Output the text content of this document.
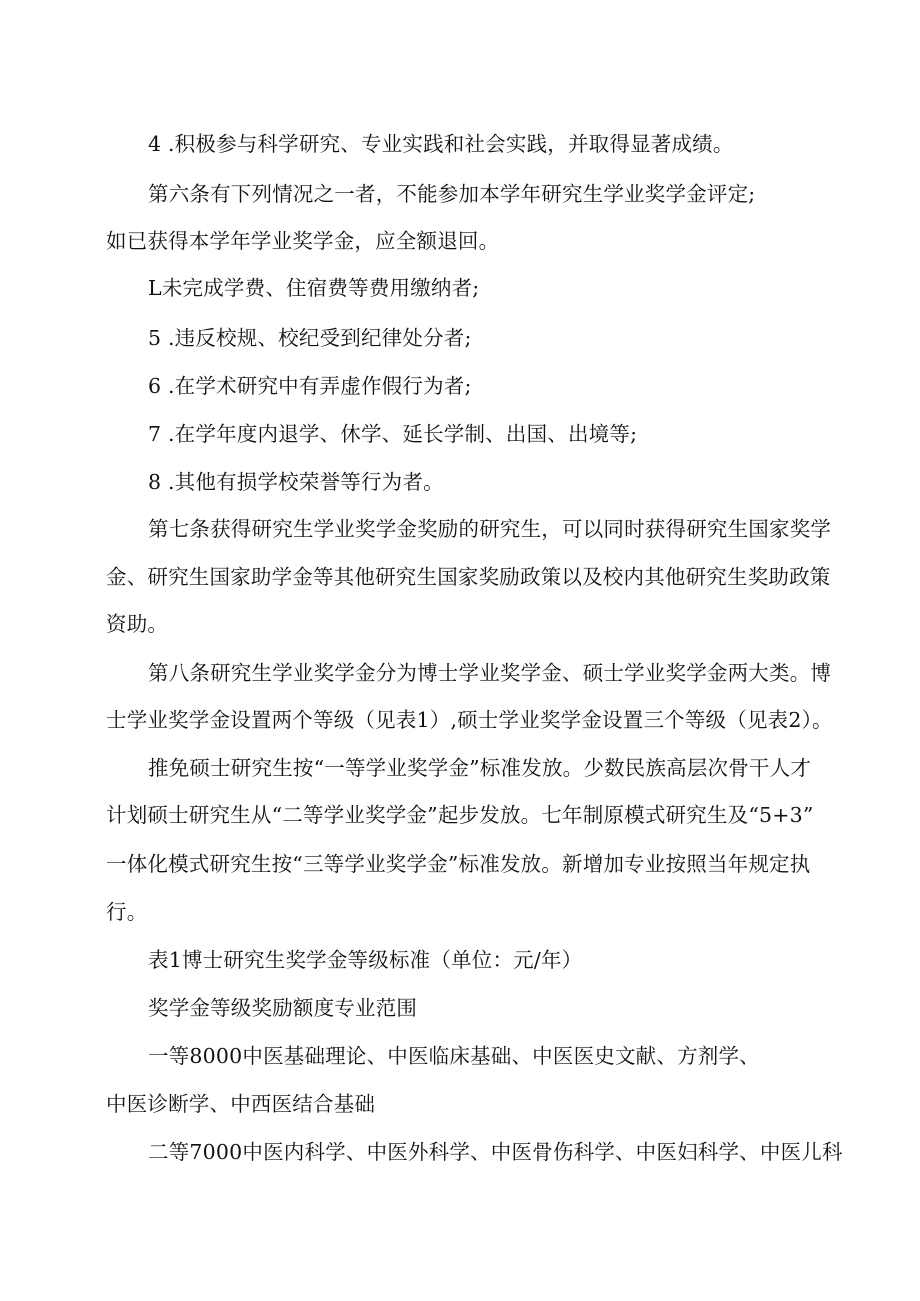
4 .积极参与科学研究、专业实践和社会实践，并取得显著成绩。
第六条有下列情况之一者，不能参加本学年研究生学业奖学金评定;
如已获得本学年学业奖学金，应全额退回。
L未完成学费、住宿费等费用缴纳者;
5 .违反校规、校纪受到纪律处分者;
6 .在学术研究中有弄虚作假行为者;
7 .在学年度内退学、休学、延长学制、出国、出境等;
8 .其他有损学校荣誉等行为者。
第七条获得研究生学业奖学金奖励的研究生，可以同时获得研究生国家奖学
金、研究生国家助学金等其他研究生国家奖励政策以及校内其他研究生奖助政策
资助。
第八条研究生学业奖学金分为博士学业奖学金、硕士学业奖学金两大类。博
士学业奖学金设置两个等级（见表1）,硕士学业奖学金设置三个等级（见表2）。
推免硕士研究生按“一等学业奖学金”标准发放。少数民族高层次骨干人才
计划硕士研究生从“二等学业奖学金”起步发放。七年制原模式研究生及“5+3”
一体化模式研究生按“三等学业奖学金”标准发放。新增加专业按照当年规定执
行。
表1博士研究生奖学金等级标准（单位：元/年）
奖学金等级奖励额度专业范围
一等8000中医基础理论、中医临床基础、中医医史文献、方剂学、
中医诊断学、中西医结合基础
二等7000中医内科学、中医外科学、中医骨伤科学、中医妇科学、中医儿科
